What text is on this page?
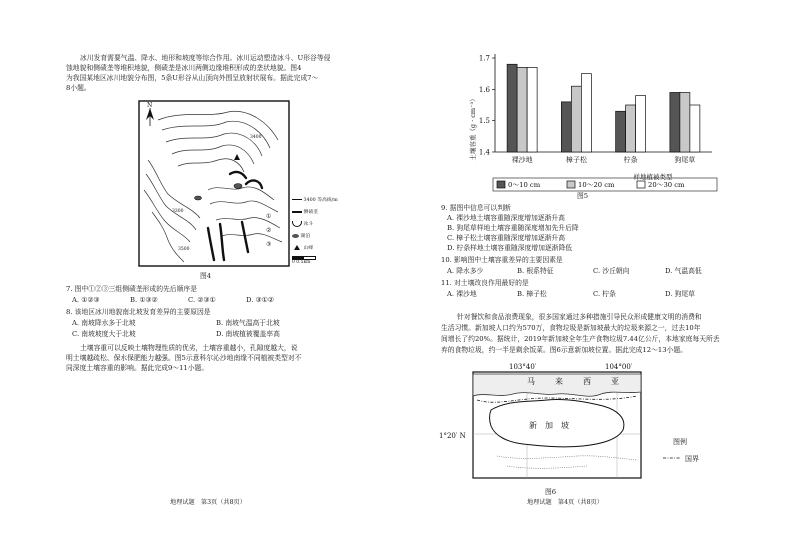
冰川发育需要气温、降水、地形和坡度等综合作用。冰川运动塑造冰斗、U形谷等侵
蚀地貌和侧碛垄等堆积地貌，侧碛垄是冰川两侧边缘堆积形成的垄状地貌。图4
为我国某地区冰川地貌分布图，5条U形谷从山顶向外围呈放射状展布。据此完成7～
8小题。
N
3400
3300
3500
①
②
③
3400 等高线/m
侧碛垄
冰斗
湖泊
山峰
0 0.5km
图4
7. 图中①②③三组侧碛垄形成的先后顺序是
A. ①②③	B. ①③②	C. ②③①	D. ③①②
8. 该地区冰川地貌南北坡发育差异的主要原因是
A. 南坡降水多于北坡	B. 南坡气温高于北坡
C. 南坡坡度大于北坡	D. 南坡植被覆盖率高
土壤容重可以反映土壤物理性质的优劣，土壤容重越小，孔隙度越大，说
明土壤越疏松、保水保肥能力越强。图5示意科尔沁沙地南缘不同植被类型对不
同深度土壤容重的影响。据此完成9～11小题。
地理试题　第3页（共8页）
土壤容重（g · cm⁻³） 1.4
1.5
1.6
1.7
裸沙地	樟子松	柠条	狗尾草
样地植被类型
0～10 cm	10～20 cm	20～30 cm
图5
9. 据图中信息可以判断
A. 裸沙地土壤容重随深度增加逐渐升高
B. 狗尾草样地土壤容重随深度增加先升后降
C. 樟子松土壤容重随深度增加逐渐升高
D. 柠条样地土壤容重随深度增加逐渐降低
10. 影响图中土壤容重差异的主要因素是
A. 降水多少	B. 根系特征	C. 沙丘朝向	D. 气温高低
11. 对土壤改良作用最好的是
A. 裸沙地	B. 樟子松	C. 柠条	D. 狗尾草
针对餐饮和食品浪费现象，很多国家通过多种措施引导民众形成健康文明的消费和
生活习惯。新加坡人口约为570万，食物垃圾是新加坡最大的垃圾来源之一，过去10年
间增长了约20%。据统计，2019年新加坡全年生产食物垃圾7.44亿公斤，本地家庭每天所丢
弃的食物垃圾，约一半是剩余饭菜。图6示意新加坡位置。据此完成12～13小题。
103°40′	104°00′
1°20′ N
马	来	西	亚
新　加　坡
图例
国界
图6
地理试题　第4页（共8页）
